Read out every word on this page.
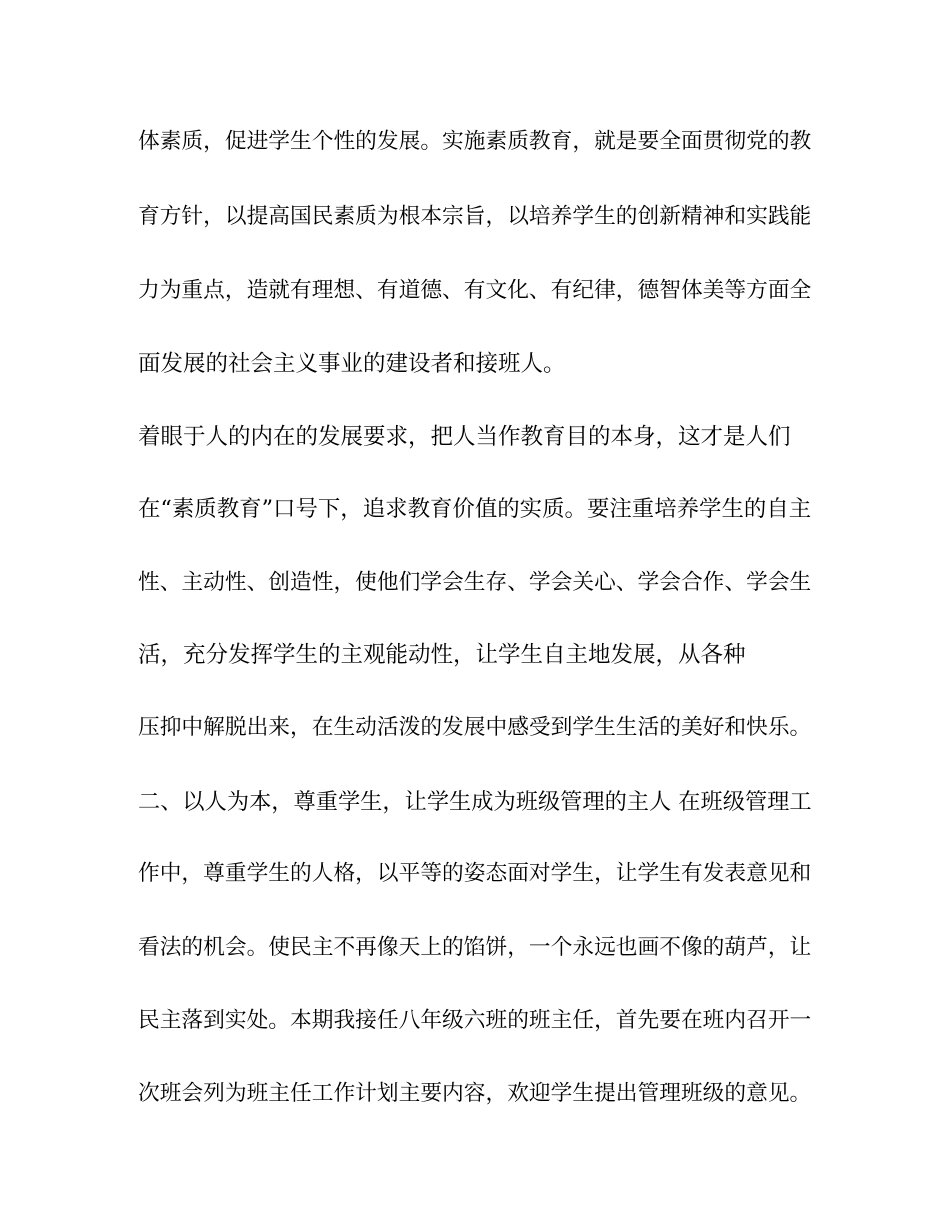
体素质，促进学生个性的发展。实施素质教育，就是要全面贯彻党的教
育方针，以提高国民素质为根本宗旨，以培养学生的创新精神和实践能
力为重点，造就有理想、有道德、有文化、有纪律，德智体美等方面全
面发展的社会主义事业的建设者和接班人。
着眼于人的内在的发展要求，把人当作教育目的本身，这才是人们
在“素质教育”口号下，追求教育价值的实质。要注重培养学生的自主
性、主动性、创造性，使他们学会生存、学会关心、学会合作、学会生
活，充分发挥学生的主观能动性，让学生自主地发展，从各种
压抑中解脱出来，在生动活泼的发展中感受到学生生活的美好和快乐。
二、以人为本，尊重学生，让学生成为班级管理的主人 在班级管理工
作中，尊重学生的人格，以平等的姿态面对学生，让学生有发表意见和
看法的机会。使民主不再像天上的馅饼，一个永远也画不像的葫芦，让
民主落到实处。本期我接任八年级六班的班主任，首先要在班内召开一
次班会列为班主任工作计划主要内容，欢迎学生提出管理班级的意见。
